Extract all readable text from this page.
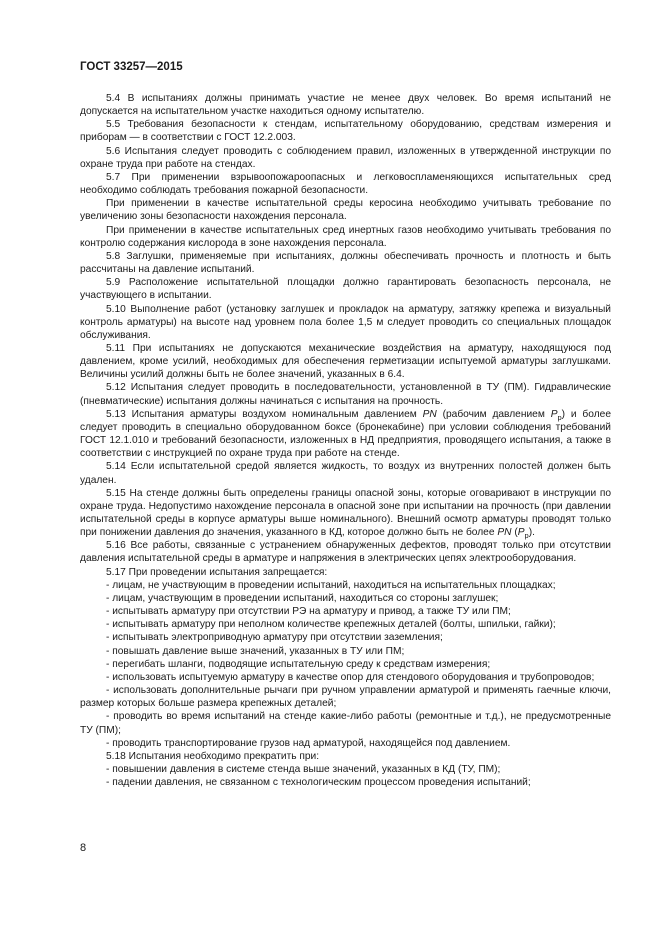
ГОСТ 33257—2015

5.4 В испытаниях должны принимать участие не менее двух человек. Во время испытаний не допускается на испытательном участке находиться одному испытателю.

5.5 Требования безопасности к стендам, испытательному оборудованию, средствам измерения и приборам — в соответствии с ГОСТ 12.2.003.

5.6 Испытания следует проводить с соблюдением правил, изложенных в утвержденной инструкции по охране труда при работе на стендах.

5.7 При применении взрывоопожароопасных и легковоспламеняющихся испытательных сред необходимо соблюдать требования пожарной безопасности.

При применении в качестве испытательной среды керосина необходимо учитывать требование по увеличению зоны безопасности нахождения персонала.

При применении в качестве испытательных сред инертных газов необходимо учитывать требования по контролю содержания кислорода в зоне нахождения персонала.

5.8 Заглушки, применяемые при испытаниях, должны обеспечивать прочность и плотность и быть рассчитаны на давление испытаний.

5.9 Расположение испытательной площадки должно гарантировать безопасность персонала, не участвующего в испытании.

5.10 Выполнение работ (установку заглушек и прокладок на арматуру, затяжку крепежа и визуальный контроль арматуры) на высоте над уровнем пола более 1,5 м следует проводить со специальных площадок обслуживания.

5.11 При испытаниях не допускаются механические воздействия на арматуру, находящуюся под давлением, кроме усилий, необходимых для обеспечения герметизации испытуемой арматуры заглушками. Величины усилий должны быть не более значений, указанных в 6.4.

5.12 Испытания следует проводить в последовательности, установленной в ТУ (ПМ). Гидравлические (пневматические) испытания должны начинаться с испытания на прочность.

5.13 Испытания арматуры воздухом номинальным давлением PN (рабочим давлением $P_р$) и более следует проводить в специально оборудованном боксе (бронекабине) при условии соблюдения требований ГОСТ 12.1.010 и требований безопасности, изложенных в НД предприятия, проводящего испытания, а также в соответствии с инструкцией по охране труда при работе на стенде.

5.14 Если испытательной средой является жидкость, то воздух из внутренних полостей должен быть удален.

5.15 На стенде должны быть определены границы опасной зоны, которые оговаривают в инструкции по охране труда. Недопустимо нахождение персонала в опасной зоне при испытании на прочность (при давлении испытательной среды в корпусе арматуры выше номинального). Внешний осмотр арматуры проводят только при понижении давления до значения, указанного в КД, которое должно быть не более PN $(P_р)$.

5.16 Все работы, связанные с устранением обнаруженных дефектов, проводят только при отсутствии давления испытательной среды в арматуре и напряжения в электрических цепях электрооборудования.

5.17 При проведении испытания запрещается:

- лицам, не участвующим в проведении испытаний, находиться на испытательных площадках;

- лицам, участвующим в проведении испытаний, находиться со стороны заглушек;

- испытывать арматуру при отсутствии РЭ на арматуру и привод, а также ТУ или ПМ;

- испытывать арматуру при неполном количестве крепежных деталей (болты, шпильки, гайки);

- испытывать электроприводную арматуру при отсутствии заземления;

- повышать давление выше значений, указанных в ТУ или ПМ;

- перегибать шланги, подводящие испытательную среду к средствам измерения;

- использовать испытуемую арматуру в качестве опор для стендового оборудования и трубопроводов;

- использовать дополнительные рычаги при ручном управлении арматурой и применять гаечные ключи, размер которых больше размера крепежных деталей;

- проводить во время испытаний на стенде какие-либо работы (ремонтные и т.д.), не предусмотренные ТУ (ПМ);

- проводить транспортирование грузов над арматурой, находящейся под давлением.

5.18 Испытания необходимо прекратить при:

- повышении давления в системе стенда выше значений, указанных в КД (ТУ, ПМ);

- падении давления, не связанном с технологическим процессом проведения испытаний;

8
